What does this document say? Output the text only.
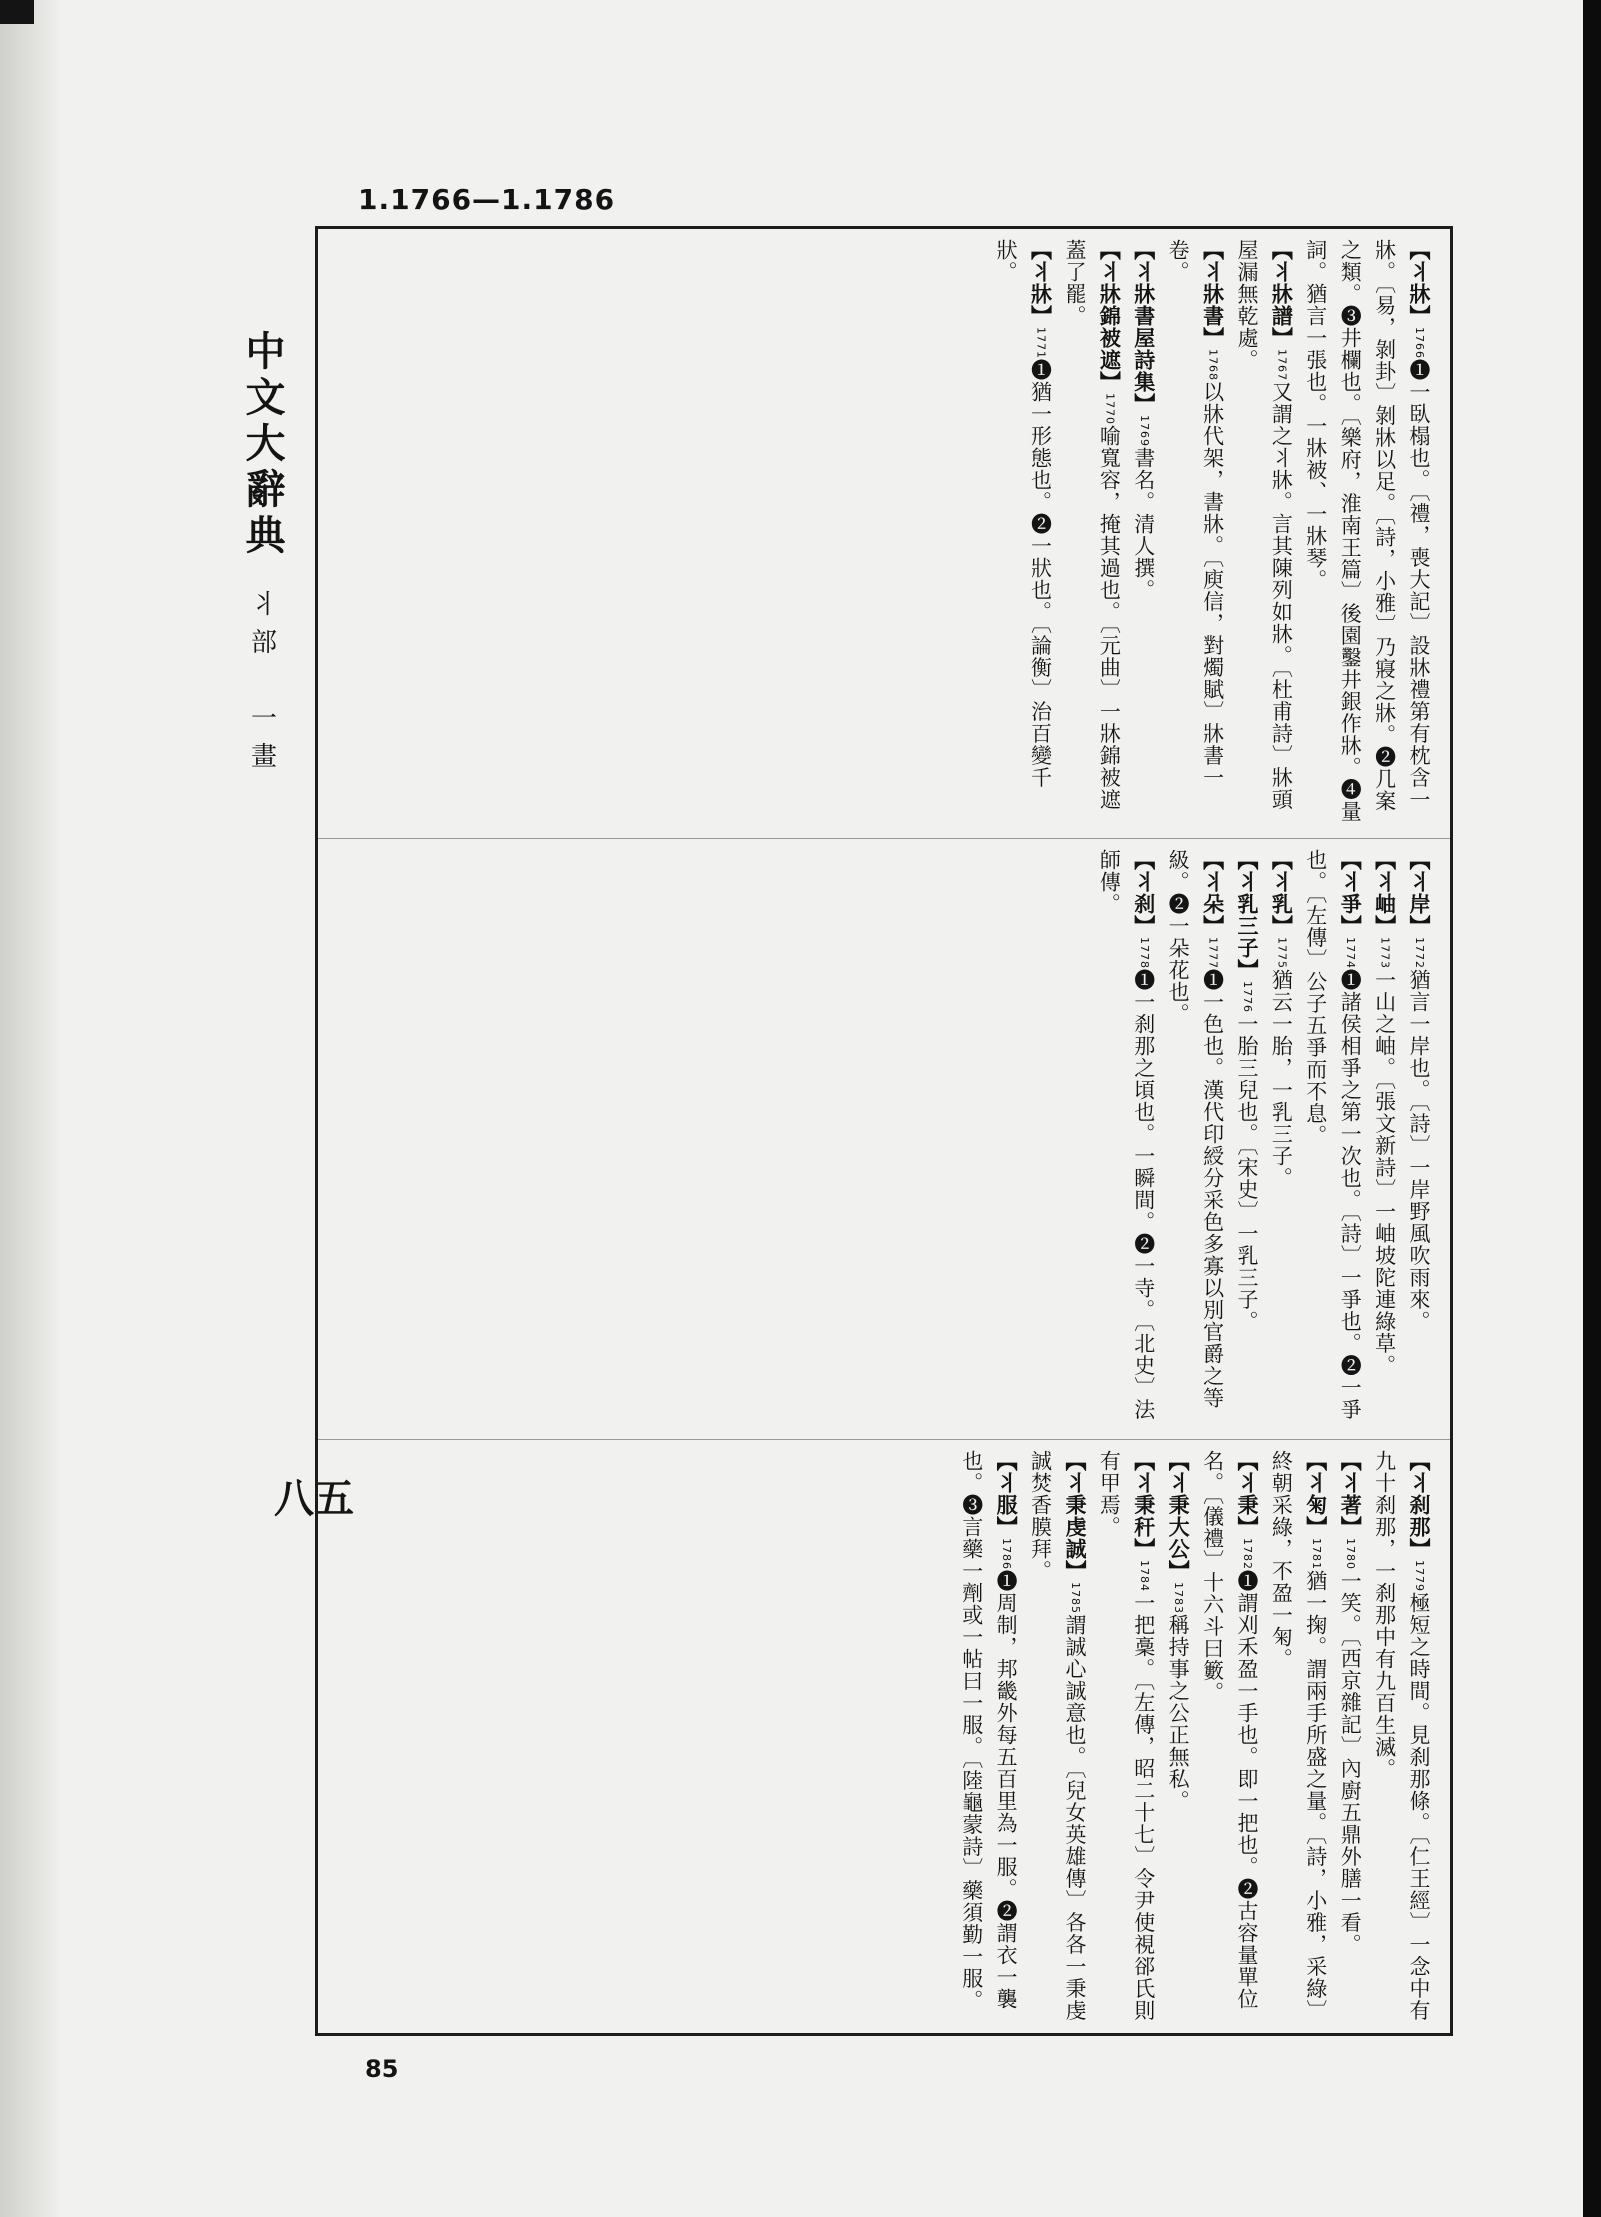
1.1766—1.1786
中文大辭典
丬部　一畫
八五
【丬牀】1766❶一臥榻也。〔禮，喪大記〕設牀禮第有枕含一牀。〔易，剝卦〕剝牀以足。〔詩，小雅〕乃寢之牀。❷几案之類。❸井欄也。〔樂府，淮南王篇〕後園鑿井銀作牀。❹量詞。猶言一張也。一牀被、一牀琴。
【丬牀譜】1767又謂之丬牀。言其陳列如牀。〔杜甫詩〕牀頭屋漏無乾處。
【丬牀書】1768以牀代架，書牀。〔庾信，對燭賦〕牀書一卷。
【丬牀書屋詩集】1769書名。清人撰。
【丬牀錦被遮】1770喻寬容，掩其過也。〔元曲〕一牀錦被遮蓋了罷。
【丬牀】1771❶猶一形態也。❷一狀也。〔論衡〕治百變千狀。
【丬岸】1772猶言一岸也。〔詩〕一岸野風吹雨來。
【丬岫】1773一山之岫。〔張文新詩〕一岫坡陀連綠草。
【丬爭】1774❶諸侯相爭之第一次也。〔詩〕一爭也。❷一爭也。〔左傳〕公子五爭而不息。
【丬乳】1775猶云一胎，一乳三子。
【丬乳三子】1776一胎三兒也。〔宋史〕一乳三子。
【丬朵】1777❶一色也。漢代印綬分采色多寡以別官爵之等級。❷一朵花也。
【丬刹】1778❶一刹那之頃也。一瞬間。❷一寺。〔北史〕法師傳。
【丬刹那】1779極短之時間。見刹那條。〔仁王經〕一念中有九十刹那，一刹那中有九百生滅。
【丬著】1780一笑。〔西京雜記〕內廚五鼎外膳一看。
【丬匊】1781猶一掬。謂兩手所盛之量。〔詩，小雅，采綠〕終朝采綠，不盈一匊。
【丬秉】1782❶謂刈禾盈一手也。即一把也。❷古容量單位名。〔儀禮〕十六斗曰籔。
【丬秉大公】1783稱持事之公正無私。
【丬秉秆】1784一把稾。〔左傳，昭二十七〕令尹使視郤氏則有甲焉。
【丬秉虔誠】1785謂誠心誠意也。〔兒女英雄傳〕各各一秉虔誠焚香膜拜。
【丬服】1786❶周制，邦畿外每五百里為一服。❷謂衣一襲也。❸言藥一劑或一帖曰一服。〔陸龜蒙詩〕藥須勤一服。
85
